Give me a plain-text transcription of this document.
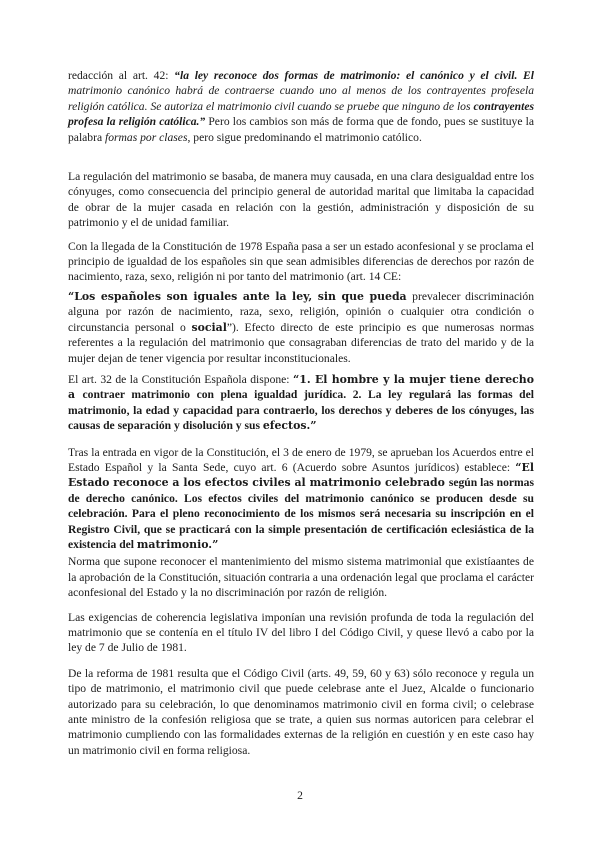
redacción al art. 42: “la ley reconoce dos formas de matrimonio: el canónico y el civil. El matrimonio canónico habrá de contraerse cuando uno al menos de los contrayentes profesela religión católica. Se autoriza el matrimonio civil cuando se pruebe que ninguno de los contrayentes profesa la religión católica.” Pero los cambios son más de forma que de fondo, pues se sustituye la palabra formas por clases, pero sigue predominando el matrimonio católico.

La regulación del matrimonio se basaba, de manera muy causada, en una clara desigualdad entre los cónyuges, como consecuencia del principio general de autoridad marital que limitaba la capacidad de obrar de la mujer casada en relación con la gestión, administración y disposición de su patrimonio y el de unidad familiar.

Con la llegada de la Constitución de 1978 España pasa a ser un estado aconfesional y se proclama el principio de igualdad de los españoles sin que sean admisibles diferencias de derechos por razón de nacimiento, raza, sexo, religión ni por tanto del matrimonio (art. 14 CE:

“Los españoles son iguales ante la ley, sin que pueda prevalecer discriminación alguna por razón de nacimiento, raza, sexo, religión, opinión o cualquier otra condición o circunstancia personal o social”). Efecto directo de este principio es que numerosas normas referentes a la regulación del matrimonio que consagraban diferencias de trato del marido y de la mujer dejan de tener vigencia por resultar inconstitucionales.

El art. 32 de la Constitución Española dispone: “1. El hombre y la mujer tiene derecho a contraer matrimonio con plena igualdad jurídica. 2. La ley regulará las formas del matrimonio, la edad y capacidad para contraerlo, los derechos y deberes de los cónyuges, las causas de separación y disolución y sus efectos.”

Tras la entrada en vigor de la Constitución, el 3 de enero de 1979, se aprueban los Acuerdos entre el Estado Español y la Santa Sede, cuyo art. 6 (Acuerdo sobre Asuntos jurídicos) establece: “El Estado reconoce a los efectos civiles al matrimonio celebrado según las normas de derecho canónico. Los efectos civiles del matrimonio canónico se producen desde su celebración. Para el pleno reconocimiento de los mismos será necesaria su inscripción en el Registro Civil, que se practicará con la simple presentación de certificación eclesiástica de la existencia del matrimonio.”

Norma que supone reconocer el mantenimiento del mismo sistema matrimonial que existíaantes de la aprobación de la Constitución, situación contraria a una ordenación legal que proclama el carácter aconfesional del Estado y la no discriminación por razón de religión.

Las exigencias de coherencia legislativa imponían una revisión profunda de toda la regulación del matrimonio que se contenía en el título IV del libro I del Código Civil, y quese llevó a cabo por la ley de 7 de Julio de 1981.

De la reforma de 1981 resulta que el Código Civil (arts. 49, 59, 60 y 63) sólo reconoce y regula un tipo de matrimonio, el matrimonio civil que puede celebrase ante el Juez, Alcalde o funcionario autorizado para su celebración, lo que denominamos matrimonio civil en forma civil; o celebrase ante ministro de la confesión religiosa que se trate, a quien sus normas autoricen para celebrar el matrimonio cumpliendo con las formalidades externas de la religión en cuestión y en este caso hay un matrimonio civil en forma religiosa.

2
